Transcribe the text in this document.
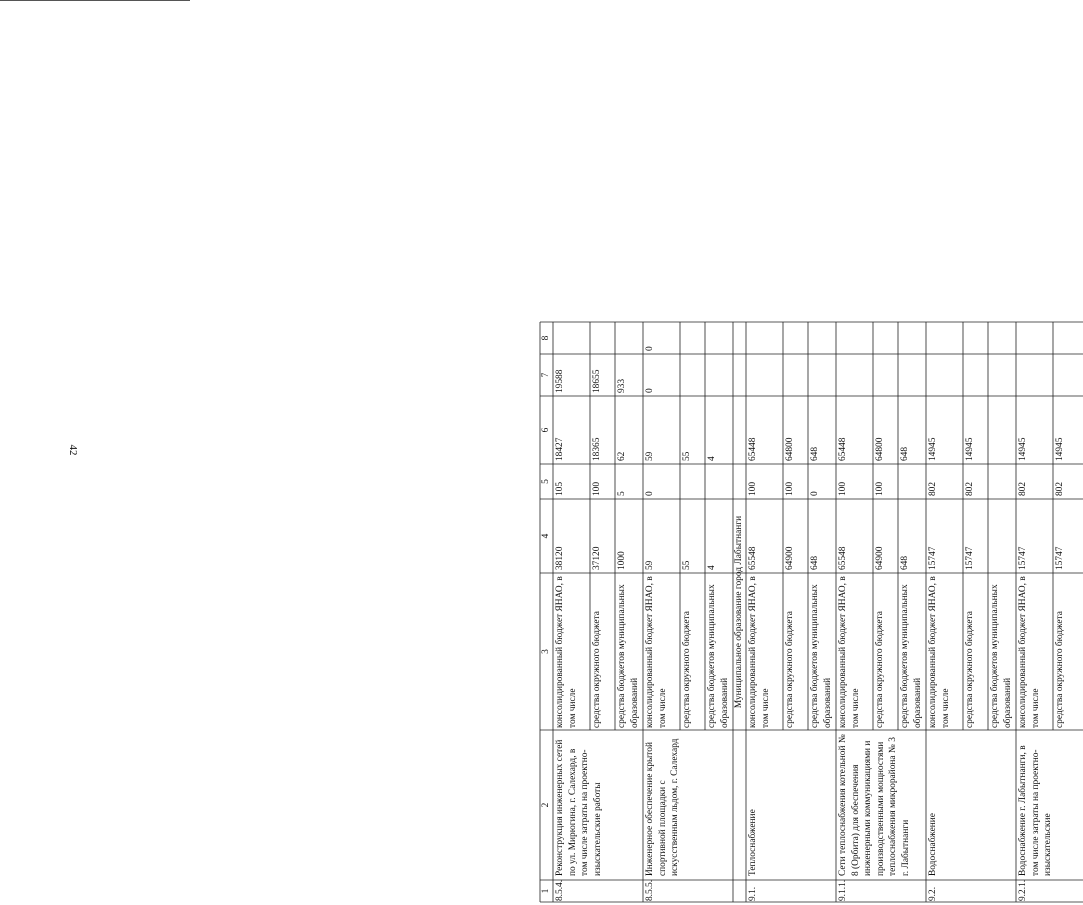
42
1
2
3
4
5
6
7
8
8.5.4.
Реконструкция инженерных сетей по ул. Мирюгина, г. Салехард, в том числе затраты на проектно-изыскательские работы
консолидированный бюджет ЯНАО, в том числе
38120
105
18427
19588
средства окружного бюджета
37120
100
18365
18655
средства бюджетов муниципальных образований
1000
5
62
933
8.5.5.
Инженерное обеспечение крытой спортивной площадки с искусственным льдом, г. Салехард
консолидированный бюджет ЯНАО, в том числе
59
0
59
0
0
средства окружного бюджета
55
55
средства бюджетов муниципальных образований
4
4
Муниципальное образование город Лабытнанги
9.1.
Теплоснабжение
консолидированный бюджет ЯНАО, в том числе
65548
100
65448
средства окружного бюджета
64900
100
64800
средства бюджетов муниципальных образований
648
0
648
9.1.1.
Сети теплоснабжения котельной № 8 (Орбита) для обеспечения инженерными коммуникациями и производственными мощностями теплоснабжения микрорайона № 3 г. Лабытнанги
консолидированный бюджет ЯНАО, в том числе
65548
100
65448
средства окружного бюджета
64900
100
64800
средства бюджетов муниципальных образований
648
648
9.2.
Водоснабжение
консолидированный бюджет ЯНАО, в том числе
15747
802
14945
средства окружного бюджета
15747
802
14945
средства бюджетов муниципальных образований
9.2.1.
Водоснабжение г. Лабытнанги, в том числе затраты на проектно-изыскательские
консолидированный бюджет ЯНАО, в том числе
15747
802
14945
средства окружного бюджета
15747
802
14945
